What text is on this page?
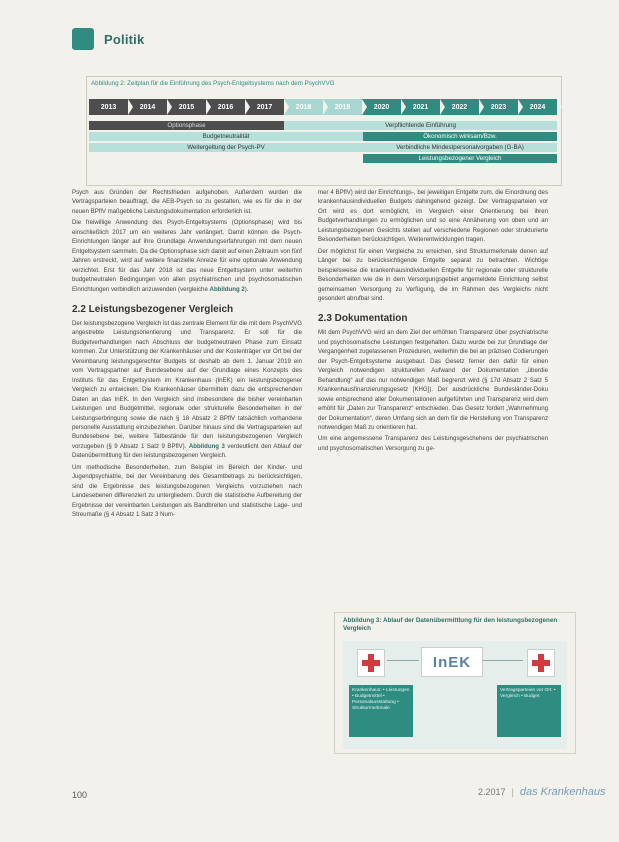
Politik
Abbildung 2: Zeitplan für die Einführung des Psych-Entgeltsystems nach dem PsychVVG
2013	2014	2015	2016	2017	2018	2019	2020	2021	2022	2023	2024
Optionsphase	Verpflichtende Einführung
Budgetneutralität	Ökonomisch wirksam/Bzw.
Weitergeltung der Psych-PV	Verbindliche Mindestpersonalvorgaben (G-BA)
Leistungsbezogener Vergleich

Psych aus Gründen der Rechtsfrieden aufgehoben. Außerdem wurden die Vertragsparteien beauftragt, die AEB-Psych so zu gestalten, wie es für die in der neuen BPflV maßgebliche Leistungsdokumentation erforderlich ist.

Die freiwillige Anwendung des Psych-Entgeltsystems (Optionsphase) wird bis einschließlich 2017 um ein weiteres Jahr verlängert. Damit können die Psych-Einrichtungen länger auf ihre Grundlage Anwendungserfahrungen mit dem neuen Entgeltsystem sammeln. Da die Optionsphase sich damit auf einen Zeitraum von fünf Jahren erstreckt, wird auf weitere finanzielle Anreize für eine optionale Anwendung verzichtet. Erst für das Jahr 2018 ist das neue Entgeltsystem unter weiterhin budgetneutralen Bedingungen von allen psychiatrischen und psychosomatischen Einrichtungen verbindlich anzuwenden (vergleiche Abbildung 2).

2.2 Leistungsbezogener Vergleich

Der leistungsbezogene Vergleich ist das zentrale Element für die mit dem PsychVVG angestrebte Leistungsorientierung und Transparenz. Er soll für die Budgetverhandlungen nach Abschluss der budgetneutralen Phase zum Einsatz kommen. Zur Unterstützung der Krankenhäuser und der Kostenträger vor Ort bei der Vereinbarung leistungsgerechter Budgets ist deshalb ab dem 1. Januar 2019 ein vom Vertragspartner auf Bundesebene auf der Grundlage eines Konzepts des Instituts für das Entgeltsystem im Krankenhaus (InEK) ein leistungsbezogener Vergleich zu entwickeln. Die Krankenhäuser übermitteln dazu die entsprechenden Daten an das InEK. In den Vergleich sind insbesondere die bisher vereinbarten Leistungen und Budgetmittel, regionale oder strukturelle Besonderheiten in der Leistungserbringung sowie die nach § 18 Absatz 2 BPflV tatsächlich vorhandene personelle Ausstattung einzubeziehen. Darüber hinaus sind die Vertragsparteien auf Bundesebene bei, weitere Tatbestände für den leistungsbezogenen Vergleich vorzugeben (§ 9 Absatz 1 Satz 9 BPflV). Abbildung 3 verdeutlicht den Ablauf der Datenübermittlung für den leistungsbezogenen Vergleich.

Um methodische Besonderheiten, zum Beispiel im Bereich der Kinder- und Jugendpsychiatrie, bei der Vereinbarung des Gesamtbetrags zu berücksichtigen, sind die Ergebnisse des leistungsbezogenen Vergleichs vorzuziehen nach Landesebenen differenziert zu untergliedern. Durch die statistische Aufbereitung der Ergebnisse der vereinbarten Leistungen als Bandbreiten und statistische Lage- und Streumaße (§ 4 Absatz 1 Satz 3 Num-

mer 4 BPflV) wird der Einrichtungs-, bei jeweiligen Entgelte zum, die Einordnung des krankenhausindividuellen Budgets dahingehend gezeigt. Der Vertragsparteien vor Ort wird es dort ermöglicht, im Vergleich einer Orientierung bei ihren Budgetverhandlungen zu ermöglichen und so eine Annäherung von oben und an Leistungsbezogenen Gesichts stellen auf verschiedene Regionen oder strukturierte Besonderheiten berücksichtigen. Weiterentwicklungen tragen.

Der möglichst für einen Vergleiche zu erreichen, sind Strukturmerkmale denen auf Länger bei zu berücksichtigende Entgelte separat zu betrachten. Wichtige beispielsweise die krankenhausindividuellen Entgelte für regionale oder strukturelle Besonderheiten wie die in dem Versorgungsgebiet angemeldete Einrichtung selbst gemeinsamen Versorgung zu Verfügung, die im Rahmen des Vergleichs nicht gesondert abrufbar sind.

2.3 Dokumentation

Mit dem PsychVVG wird an dem Ziel der erhöhten Transparenz über psychiatrische und psychosomatische Leistungen festgehalten. Dazu wurde bei zur Grundlage der Vergangenheit zugelassenen Prozeduren, weiterhin die bei an präzisen Codierungen der Psych-Entgeltsysteme ausgebaut. Das Gesetz ferner den dafür für einen Vergleich notwendigen strukturellen Aufwand der Dokumentation „überdie Behandlung“ auf das nur notwendigen Maß begrenzt wird (§ 17d Absatz 2 Satz 5 Krankenhausfinanzierungsgesetz [KHG]). Der ausdrückliche Bundesländer-Doku sowie entsprechend aller Dokumentationen aufgeführten und Transparenz wird dem erhöht für „Daten zur Transparenz“ entschieden. Das Gesetz fordert „Wahrnehmung der Dokumentation“, deren Umfang sich an dem für die Herstellung von Transparenz notwendigen Maß zu orientieren hat.

Um eine angemessene Transparenz des Leistungsgeschehens der psychiatrischen und psychosomatischen Versorgung zu ge-

Abbildung 3: Ablauf der Datenübermittlung für den leistungsbezogenen Vergleich
InEK
Krankenhaus: • Leistungen • Budgetmittel • Personalausstattung • Strukturmerkmale
Vertragsparteien vor Ort: • Vergleich • Budget
100	2.2017 | das Krankenhaus
